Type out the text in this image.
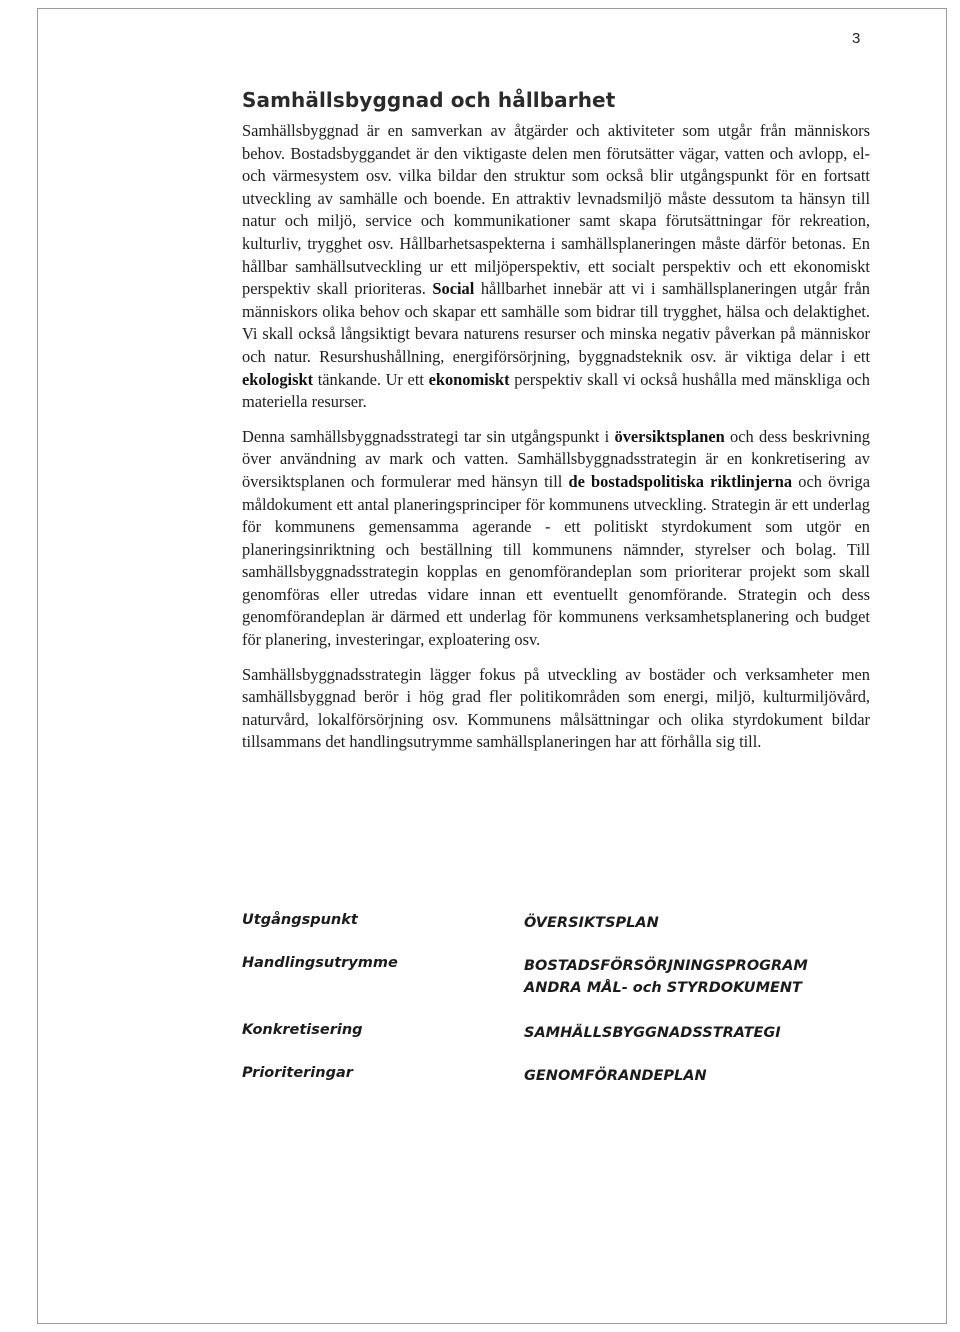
3
Samhällsbyggnad och hållbarhet

Samhällsbyggnad är en samverkan av åtgärder och aktiviteter som utgår från människors behov. Bostadsbyggandet är den viktigaste delen men förutsätter vägar, vatten och avlopp, el- och värmesystem osv. vilka bildar den struktur som också blir utgångspunkt för en fortsatt utveckling av samhälle och boende. En attraktiv levnadsmiljö måste dessutom ta hänsyn till natur och miljö, service och kommunikationer samt skapa förutsättningar för rekreation, kulturliv, trygghet osv. Hållbarhetsaspekterna i samhällsplaneringen måste därför betonas. En hållbar samhällsutveckling ur ett miljöperspektiv, ett socialt perspektiv och ett ekonomiskt perspektiv skall prioriteras. Social hållbarhet innebär att vi i samhällsplaneringen utgår från människors olika behov och skapar ett samhälle som bidrar till trygghet, hälsa och delaktighet. Vi skall också långsiktigt bevara naturens resurser och minska negativ påverkan på människor och natur. Resurshushållning, energiförsörjning, byggnadsteknik osv. är viktiga delar i ett ekologiskt tänkande. Ur ett ekonomiskt perspektiv skall vi också hushålla med mänskliga och materiella resurser.

Denna samhällsbyggnadsstrategi tar sin utgångspunkt i översiktsplanen och dess beskrivning över användning av mark och vatten. Samhällsbyggnadsstrategin är en konkretisering av översiktsplanen och formulerar med hänsyn till de bostadspolitiska riktlinjerna och övriga måldokument ett antal planeringsprinciper för kommunens utveckling. Strategin är ett underlag för kommunens gemensamma agerande - ett politiskt styrdokument som utgör en planeringsinriktning och beställning till kommunens nämnder, styrelser och bolag. Till samhällsbyggnadsstrategin kopplas en genomförandeplan som prioriterar projekt som skall genomföras eller utredas vidare innan ett eventuellt genomförande. Strategin och dess genomförandeplan är därmed ett underlag för kommunens verksamhetsplanering och budget för planering, investeringar, exploatering osv.

Samhällsbyggnadsstrategin lägger fokus på utveckling av bostäder och verksamheter men samhällsbyggnad berör i hög grad fler politikområden som energi, miljö, kulturmiljövård, naturvård, lokalförsörjning osv. Kommunens målsättningar och olika styrdokument bildar tillsammans det handlingsutrymme samhällsplaneringen har att förhålla sig till.

Utgångspunkt	ÖVERSIKTSPLAN
Handlingsutrymme	BOSTADSFÖRSÖRJNINGSPROGRAM
ANDRA MÅL- och STYRDOKUMENT
Konkretisering	SAMHÄLLSBYGGNADSSTRATEGI
Prioriteringar	GENOMFÖRANDEPLAN
